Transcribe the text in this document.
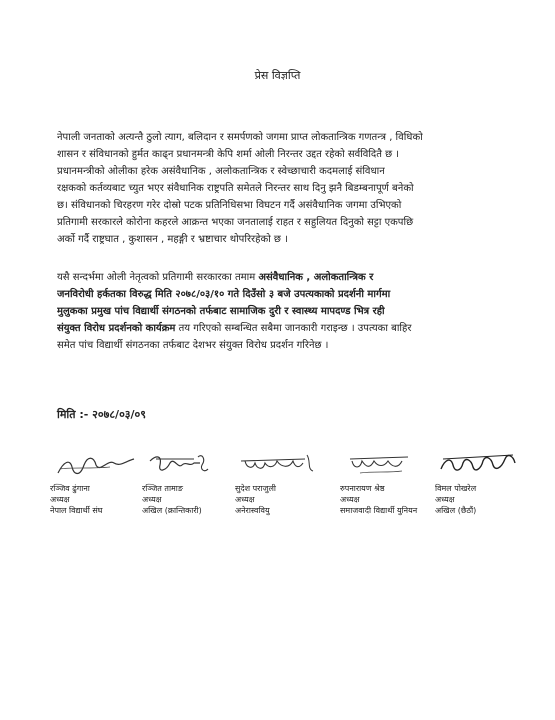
प्रेस विज्ञप्ति
नेपाली जनताको अत्यन्तै ठुलो त्याग, बलिदान र समर्पणको जगमा प्राप्त लोकतान्त्रिक गणतन्त्र , विधिको
शासन र संविधानको हुर्मत काढ्न प्रधानमन्त्री केपि शर्मा ओली निरन्तर उद्दत रहेको सर्वविदितै छ ।
प्रधानमन्त्रीको ओलीका हरेक असंवैधानिक , अलोकतान्त्रिक र स्वेच्छाचारी कदमलाई संविधान
रक्षकको कर्तव्यबाट च्युत भएर संवैधानिक राष्ट्रपति समेतले निरन्तर साथ दिनु झनै बिडम्बनापूर्ण बनेको
छ। संविधानको चिरहरण गरेर दोस्रो पटक प्रतिनिधिसभा विघटन गर्दै असंवैधानिक जगमा उभिएको
प्रतिगामी सरकारले कोरोना कहरले आक्रन्त भएका जनतालाई राहत र सहुलियत दिनुको सट्टा एकपछि
अर्को गर्दै राष्ट्रघात , कुशासन , महङ्गी र भ्रष्टाचार थोपरिरहेको छ ।
यसै सन्दर्भमा ओली नेतृत्वको प्रतिगामी सरकारका तमाम असंवैधानिक , अलोकतान्त्रिक र
जनविरोधी हर्कतका विरुद्ध मिति २०७८/०३/१० गते दिउँसो ३ बजे उपत्यकाको प्रदर्शनी मार्गमा
मुलुकका प्रमुख पांच विद्यार्थी संगठनको तर्फबाट सामाजिक दुरी र स्वास्थ्य मापदण्ड भित्र रही
संयुक्त विरोध प्रदर्शनको कार्यक्रम तय गरिएको सम्बन्धित सबैमा जानकारी गराइन्छ । उपत्यका बाहिर
समेत पांच विद्यार्थी संगठनका तर्फबाट देशभर संयुक्त विरोध प्रदर्शन गरिनेछ ।
मिति :- २०७८/०३/०९
रञ्जिव ढुंगाना
अध्यक्ष
नेपाल विद्यार्थी संघ
रञ्जित तामाङ
अध्यक्ष
अखिल (क्रान्तिकारी)
सुदेश पराजुली
अध्यक्ष
अनेरास्ववियु
रुपनारायण श्रेष्ठ
अध्यक्ष
समाजवादी विद्यार्थी युनियन
विमल पोखरेल
अध्यक्ष
अखिल (छैठौं)
